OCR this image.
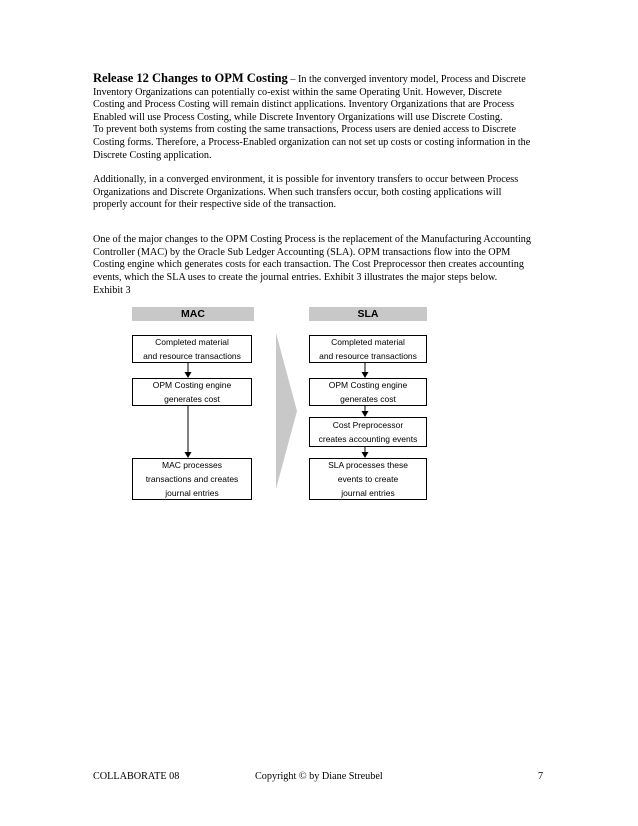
Release 12 Changes to OPM Costing – In the converged inventory model, Process and Discrete

Inventory Organizations can potentially co-exist within the same Operating Unit. However, Discrete

Costing and Process Costing will remain distinct applications. Inventory Organizations that are Process

Enabled will use Process Costing, while Discrete Inventory Organizations will use Discrete Costing.

To prevent both systems from costing the same transactions, Process users are denied access to Discrete

Costing forms. Therefore, a Process-Enabled organization can not set up costs or costing information in the

Discrete Costing application.

Additionally, in a converged environment, it is possible for inventory transfers to occur between Process

Organizations and Discrete Organizations. When such transfers occur, both costing applications will

properly account for their respective side of the transaction.

One of the major changes to the OPM Costing Process is the replacement of the Manufacturing Accounting

Controller (MAC) by the Oracle Sub Ledger Accounting (SLA). OPM transactions flow into the OPM

Costing engine which generates costs for each transaction. The Cost Preprocessor then creates accounting

events, which the SLA uses to create the journal entries. Exhibit 3 illustrates the major steps below.

Exhibit 3
MAC	SLA
Completed material
and resource transactions
OPM Costing engine
generates cost
MAC processes
transactions and creates
journal entries
Completed material
and resource transactions
OPM Costing engine
generates cost
Cost Preprocessor
creates accounting events
SLA processes these
events to create
journal entries
COLLABORATE 08	Copyright © by Diane Streubel	7
